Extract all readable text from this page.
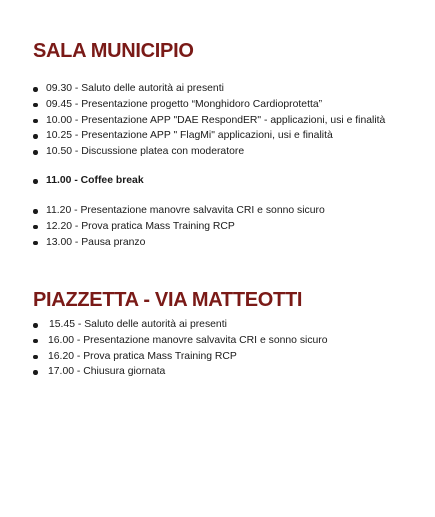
SALA MUNICIPIO
09.30 - Saluto delle autorità ai presenti
09.45 - Presentazione progetto “Monghidoro Cardioprotetta”
10.00 - Presentazione APP "DAE RespondER" - applicazioni, usi e finalità
10.25 - Presentazione APP " FlagMi" applicazioni, usi e finalità
10.50 - Discussione platea con moderatore
11.00 - Coffee break
11.20 - Presentazione manovre salvavita CRI e sonno sicuro
12.20 - Prova pratica Mass Training RCP
13.00 - Pausa pranzo
PIAZZETTA - VIA MATTEOTTI
15.45 - Saluto delle autorità ai presenti
16.00 - Presentazione manovre salvavita CRI e sonno sicuro
16.20 - Prova pratica Mass Training RCP
17.00 - Chiusura giornata
